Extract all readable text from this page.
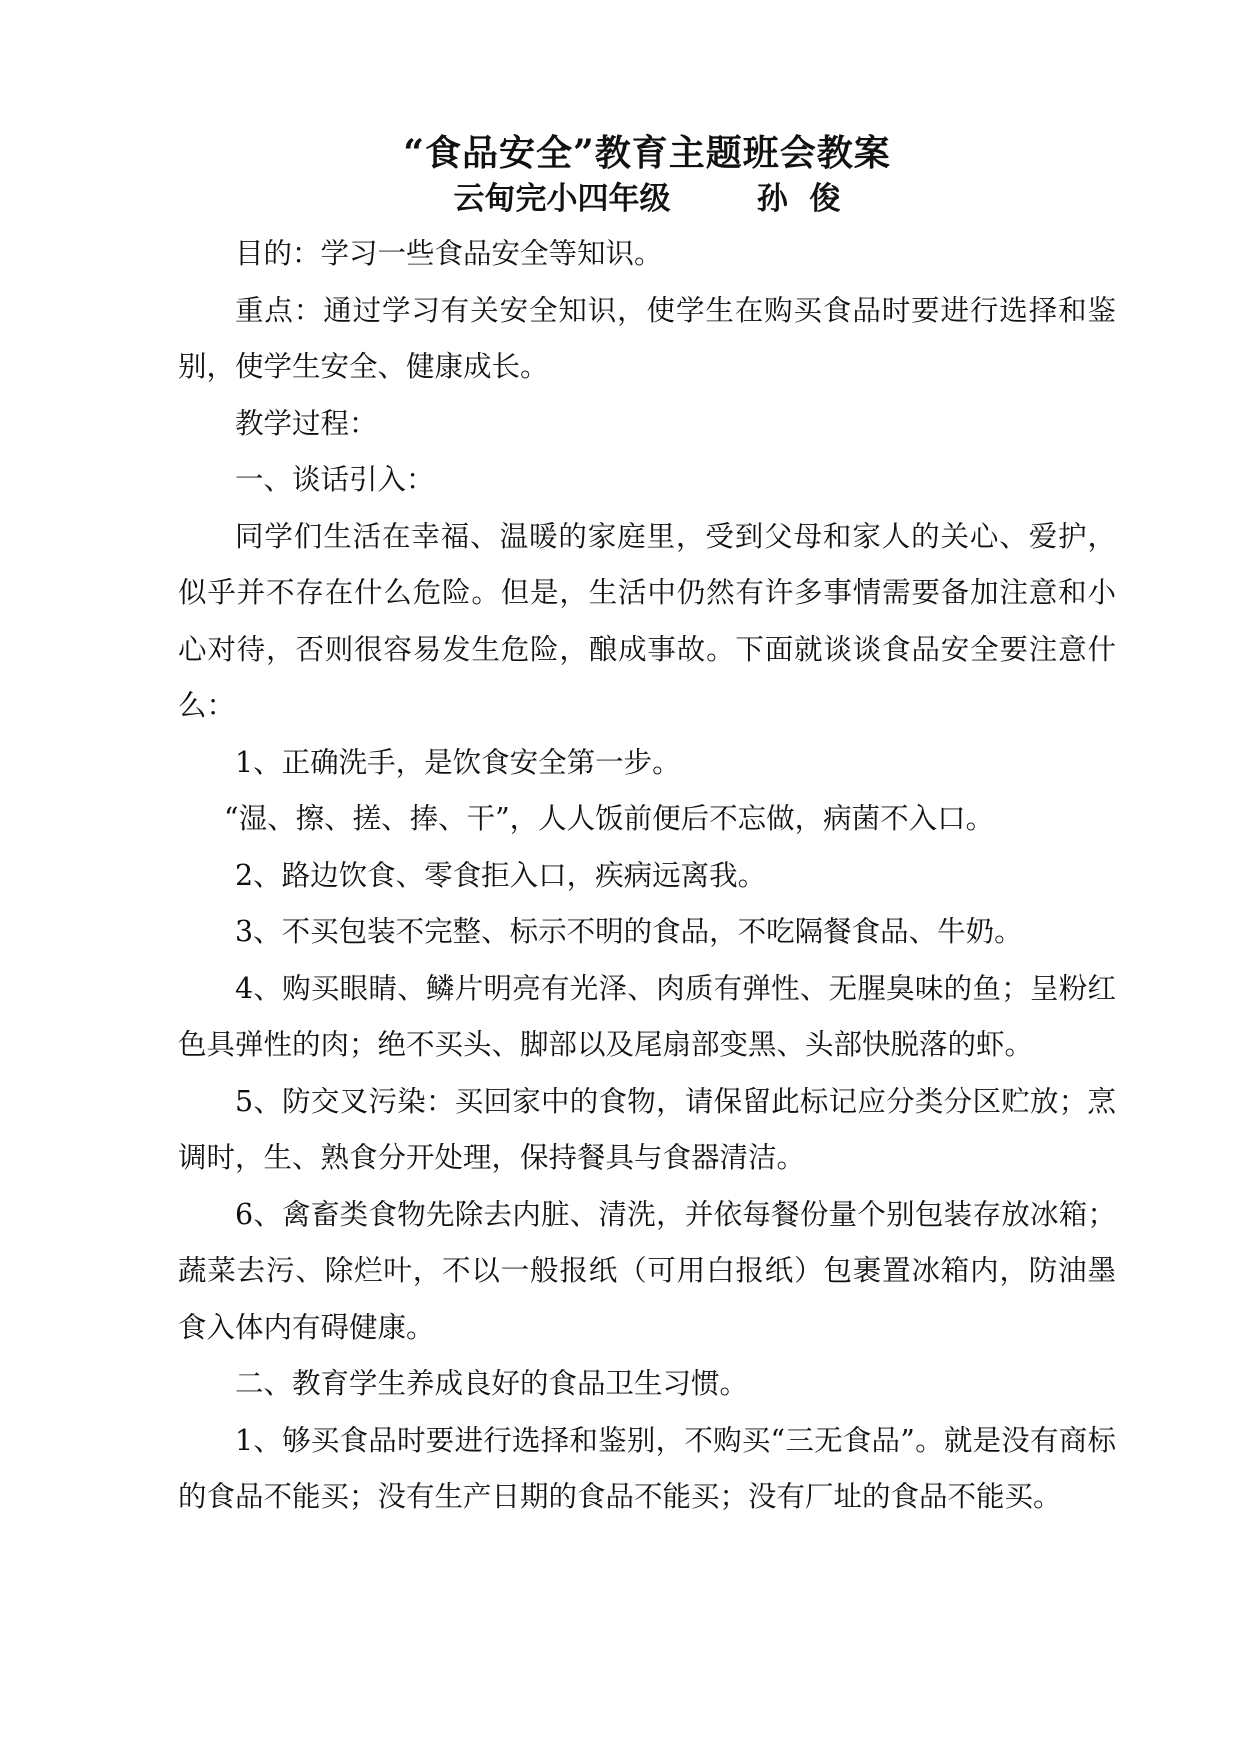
“食品安全”教育主题班会教案
云甸完小四年级        孙  俊

目的：学习一些食品安全等知识。

重点：通过学习有关安全知识，使学生在购买食品时要进行选择和鉴别，使学生安全、健康成长。

教学过程：

一、谈话引入：

同学们生活在幸福、温暖的家庭里，受到父母和家人的关心、爱护，似乎并不存在什么危险。但是，生活中仍然有许多事情需要备加注意和小心对待，否则很容易发生危险，酿成事故。下面就谈谈食品安全要注意什么：

1、正确洗手，是饮食安全第一步。

“湿、擦、搓、捧、干”，人人饭前便后不忘做，病菌不入口。

2、路边饮食、零食拒入口，疾病远离我。

3、不买包装不完整、标示不明的食品，不吃隔餐食品、牛奶。

4、购买眼睛、鳞片明亮有光泽、肉质有弹性、无腥臭味的鱼；呈粉红色具弹性的肉；绝不买头、脚部以及尾扇部变黑、头部快脱落的虾。

5、防交叉污染：买回家中的食物，请保留此标记应分类分区贮放；烹调时，生、熟食分开处理，保持餐具与食器清洁。

6、禽畜类食物先除去内脏、清洗，并依每餐份量个别包装存放冰箱；蔬菜去污、除烂叶，不以一般报纸（可用白报纸）包裹置冰箱内，防油墨食入体内有碍健康。

二、教育学生养成良好的食品卫生习惯。

1、够买食品时要进行选择和鉴别，不购买“三无食品”。就是没有商标的食品不能买；没有生产日期的食品不能买；没有厂址的食品不能买。
